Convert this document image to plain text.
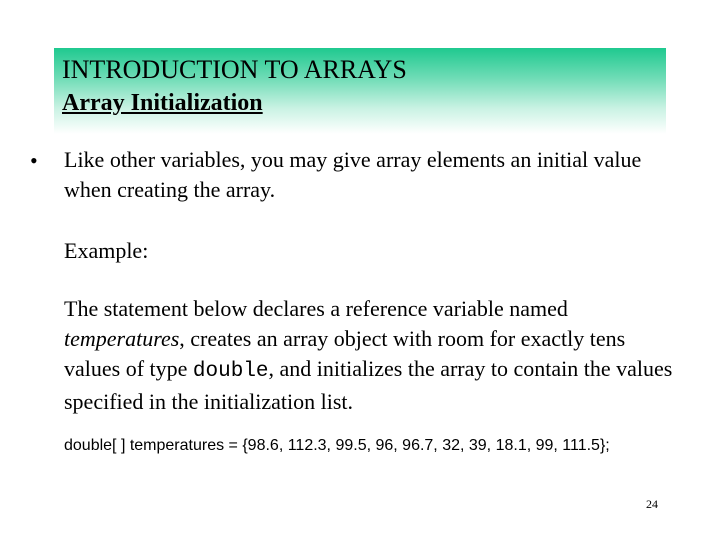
INTRODUCTION TO ARRAYS
Array Initialization
• Like other variables, you may give array elements an initial value when creating the array.
Example:
The statement below declares a reference variable named temperatures, creates an array object with room for exactly tens values of type double, and initializes the array to contain the values specified in the initialization list.
double[ ] temperatures = {98.6, 112.3, 99.5, 96, 96.7, 32, 39, 18.1, 99, 111.5};
24
